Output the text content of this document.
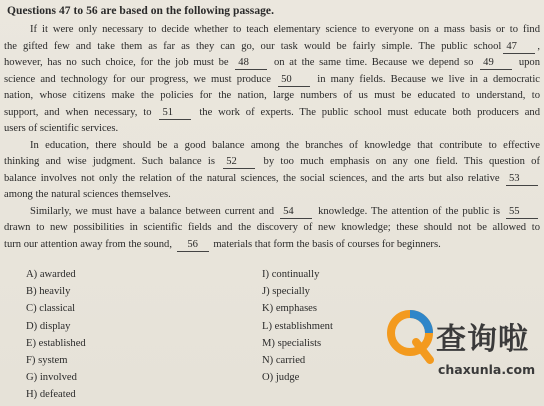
Questions 47 to 56 are based on the following passage.
If it were only necessary to decide whether to teach elementary science to everyone on a mass basis or to find
the gifted few and take them as far as they can go, our task would be fairly simple. The public school 47 ,
however, has no such choice, for the job must be 48 on at the same time. Because we depend so 49 upon
science and technology for our progress, we must produce 50 in many fields. Because we live in a democratic
nation, whose citizens make the policies for the nation, large numbers of us must be educated to understand, to
support, and when necessary, to 51 the work of experts. The public school must educate both producers and
users of scientific services.
In education, there should be a good balance among the branches of knowledge that contribute to effective
thinking and wise judgment. Such balance is 52	by too much emphasis on any one field. This question of
balance involves not only the relation of the natural sciences, the social sciences, and the arts but also relative 53
among the natural sciences themselves.
Similarly, we must have a balance between current and 54 knowledge. The attention of the public is 55
drawn to new possibilities in scientific fields and the discovery of new knowledge; these should not be allowed to
turn our attention away from the sound, 56 materials that form the basis of courses for beginners.
A) awarded
B) heavily
C) classical
D) display
E) established
F) system
G) involved
H) defeated
I) continually
J) specially
K) emphases
L) establishment
M) specialists
N) carried
O) judge
查询啦
chaxunla.com
